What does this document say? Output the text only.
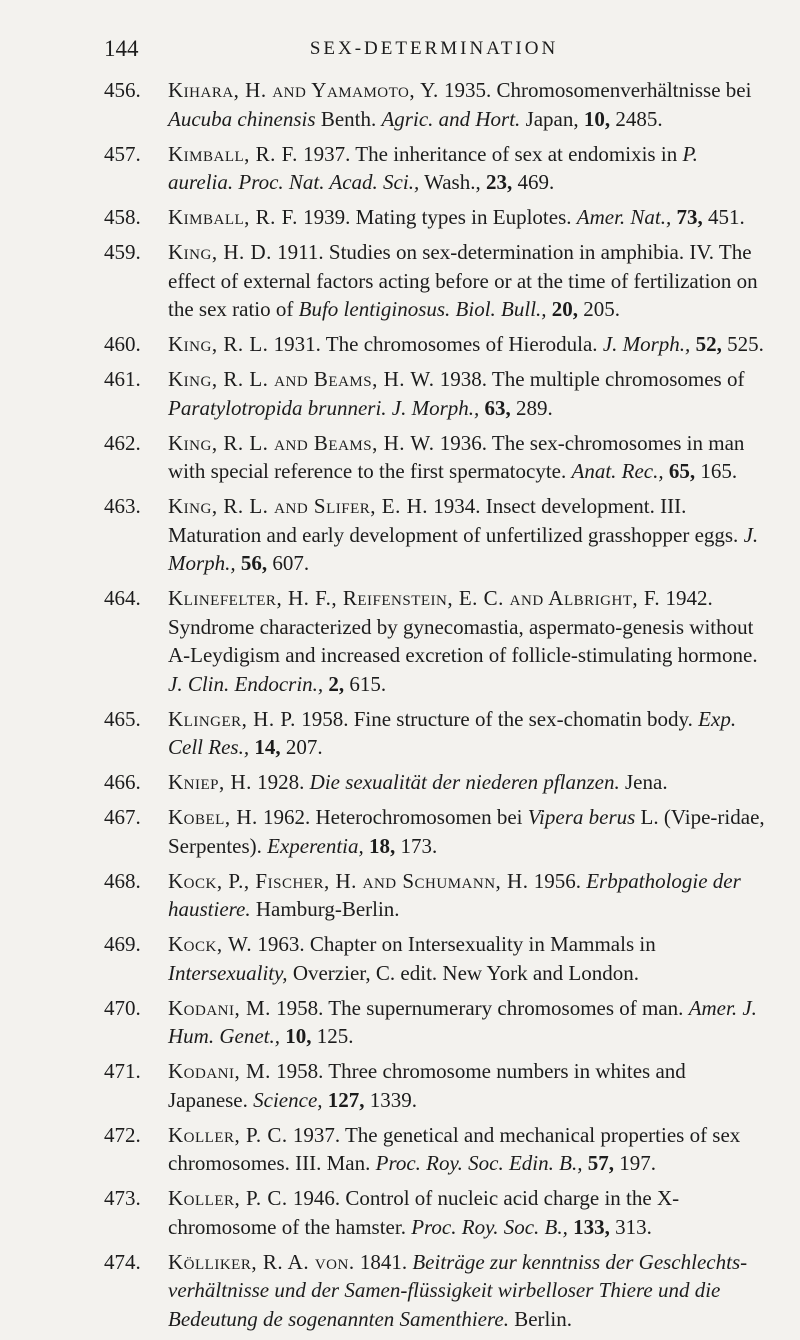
144	SEX-DETERMINATION
456. Kihara, H. and Yamamoto, Y. 1935. Chromosomenverhältnisse bei Aucuba chinensis Benth. Agric. and Hort. Japan, 10, 2485.
457. Kimball, R. F. 1937. The inheritance of sex at endomixis in P. aurelia. Proc. Nat. Acad. Sci., Wash., 23, 469.
458. Kimball, R. F. 1939. Mating types in Euplotes. Amer. Nat., 73, 451.
459. King, H. D. 1911. Studies on sex-determination in amphibia. IV. The effect of external factors acting before or at the time of fertilization on the sex ratio of Bufo lentiginosus. Biol. Bull., 20, 205.
460. King, R. L. 1931. The chromosomes of Hierodula. J. Morph., 52, 525.
461. King, R. L. and Beams, H. W. 1938. The multiple chromosomes of Paratylotropida brunneri. J. Morph., 63, 289.
462. King, R. L. and Beams, H. W. 1936. The sex-chromosomes in man with special reference to the first spermatocyte. Anat. Rec., 65, 165.
463. King, R. L. and Slifer, E. H. 1934. Insect development. III. Maturation and early development of unfertilized grasshopper eggs. J. Morph., 56, 607.
464. Klinefelter, H. F., Reifenstein, E. C. and Albright, F. 1942. Syndrome characterized by gynecomastia, aspermato-genesis without A-Leydigism and increased excretion of follicle-stimulating hormone. J. Clin. Endocrin., 2, 615.
465. Klinger, H. P. 1958. Fine structure of the sex-chomatin body. Exp. Cell Res., 14, 207.
466. Kniep, H. 1928. Die sexualität der niederen pflanzen. Jena.
467. Kobel, H. 1962. Heterochromosomen bei Vipera berus L. (Vipe-ridae, Serpentes). Experentia, 18, 173.
468. Kock, P., Fischer, H. and Schumann, H. 1956. Erbpathologie der haustiere. Hamburg-Berlin.
469. Kock, W. 1963. Chapter on Intersexuality in Mammals in Intersexuality, Overzier, C. edit. New York and London.
470. Kodani, M. 1958. The supernumerary chromosomes of man. Amer. J. Hum. Genet., 10, 125.
471. Kodani, M. 1958. Three chromosome numbers in whites and Japanese. Science, 127, 1339.
472. Koller, P. C. 1937. The genetical and mechanical properties of sex chromosomes. III. Man. Proc. Roy. Soc. Edin. B., 57, 197.
473. Koller, P. C. 1946. Control of nucleic acid charge in the X-chromosome of the hamster. Proc. Roy. Soc. B., 133, 313.
474. Kölliker, R. A. von. 1841. Beiträge zur kenntniss der Geschlechts-verhältnisse und der Samen-flüssigkeit wirbelloser Thiere und die Bedeutung de sogenannten Samenthiere. Berlin.
